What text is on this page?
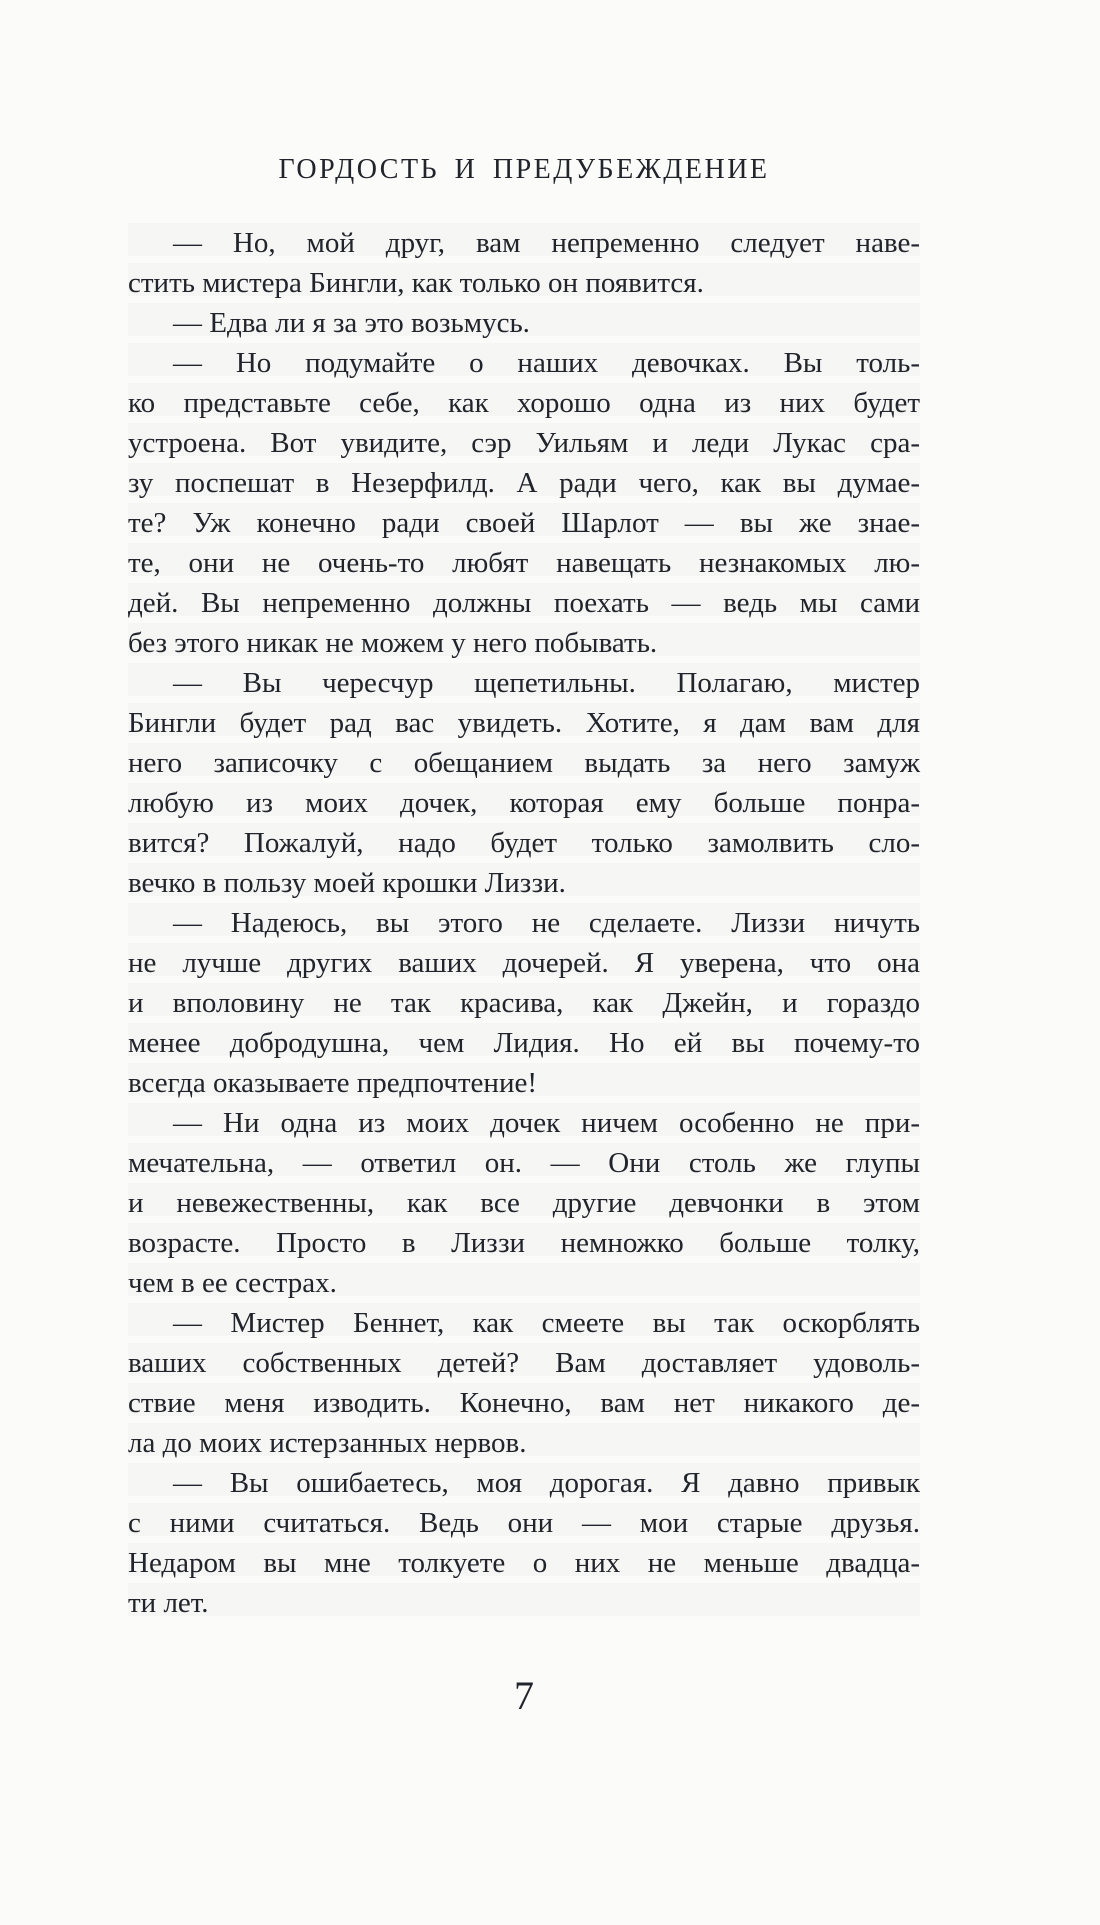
ГОРДОСТЬ И ПРЕДУБЕЖДЕНИЕ
— Но, мой друг, вам непременно следует наве-
стить мистера Бингли, как только он появится.
— Едва ли я за это возьмусь.
— Но подумайте о наших девочках. Вы толь-
ко представьте себе, как хорошо одна из них будет
устроена. Вот увидите, сэр Уильям и леди Лукас сра-
зу поспешат в Незерфилд. А ради чего, как вы думае-
те? Уж конечно ради своей Шарлот — вы же знае-
те, они не очень-то любят навещать незнакомых лю-
дей. Вы непременно должны поехать — ведь мы сами
без этого никак не можем у него побывать.
— Вы чересчур щепетильны. Полагаю, мистер
Бингли будет рад вас увидеть. Хотите, я дам вам для
него записочку с обещанием выдать за него замуж
любую из моих дочек, которая ему больше понра-
вится? Пожалуй, надо будет только замолвить сло-
вечко в пользу моей крошки Лиззи.
— Надеюсь, вы этого не сделаете. Лиззи ничуть
не лучше других ваших дочерей. Я уверена, что она
и вполовину не так красива, как Джейн, и гораздо
менее добродушна, чем Лидия. Но ей вы почему-то
всегда оказываете предпочтение!
— Ни одна из моих дочек ничем особенно не при-
мечательна, — ответил он. — Они столь же глупы
и невежественны, как все другие девчонки в этом
возрасте. Просто в Лиззи немножко больше толку,
чем в ее сестрах.
— Мистер Беннет, как смеете вы так оскорблять
ваших собственных детей? Вам доставляет удоволь-
ствие меня изводить. Конечно, вам нет никакого де-
ла до моих истерзанных нервов.
— Вы ошибаетесь, моя дорогая. Я давно привык
с ними считаться. Ведь они — мои старые друзья.
Недаром вы мне толкуете о них не меньше двадца-
ти лет.
7
